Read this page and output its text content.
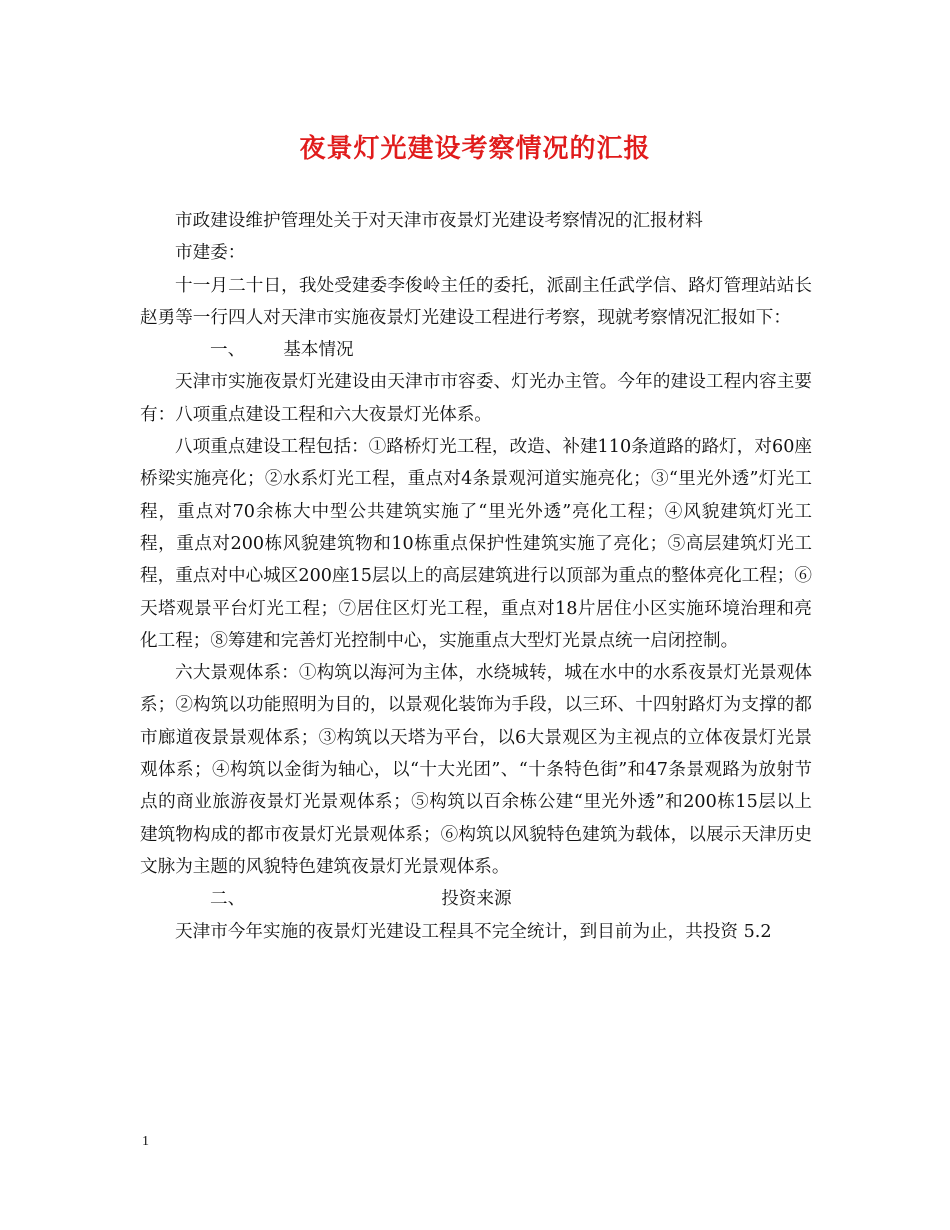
夜景灯光建设考察情况的汇报

市政建设维护管理处关于对天津市夜景灯光建设考察情况的汇报材料

市建委：

十一月二十日，我处受建委李俊岭主任的委托，派副主任武学信、路灯管理站站长赵勇等一行四人对天津市实施夜景灯光建设工程进行考察，现就考察情况汇报如下：

一、 基本情况

天津市实施夜景灯光建设由天津市市容委、灯光办主管。今年的建设工程内容主要有：八项重点建设工程和六大夜景灯光体系。

八项重点建设工程包括：①路桥灯光工程，改造、补建110条道路的路灯，对60座桥梁实施亮化；②水系灯光工程，重点对4条景观河道实施亮化；③“里光外透”灯光工程，重点对70余栋大中型公共建筑实施了“里光外透”亮化工程；④风貌建筑灯光工程，重点对200栋风貌建筑物和10栋重点保护性建筑实施了亮化；⑤高层建筑灯光工程，重点对中心城区200座15层以上的高层建筑进行以顶部为重点的整体亮化工程；⑥天塔观景平台灯光工程；⑦居住区灯光工程，重点对18片居住小区实施环境治理和亮化工程；⑧筹建和完善灯光控制中心，实施重点大型灯光景点统一启闭控制。

六大景观体系：①构筑以海河为主体，水绕城转，城在水中的水系夜景灯光景观体系；②构筑以功能照明为目的，以景观化装饰为手段，以三环、十四射路灯为支撑的都市廊道夜景景观体系；③构筑以天塔为平台，以6大景观区为主视点的立体夜景灯光景观体系；④构筑以金街为轴心，以“十大光团”、“十条特色街”和47条景观路为放射节点的商业旅游夜景灯光景观体系；⑤构筑以百余栋公建“里光外透”和200栋15层以上建筑物构成的都市夜景灯光景观体系；⑥构筑以风貌特色建筑为载体，以展示天津历史文脉为主题的风貌特色建筑夜景灯光景观体系。

二、	投资来源

天津市今年实施的夜景灯光建设工程具不完全统计，到目前为止，共投资 5.2

1
